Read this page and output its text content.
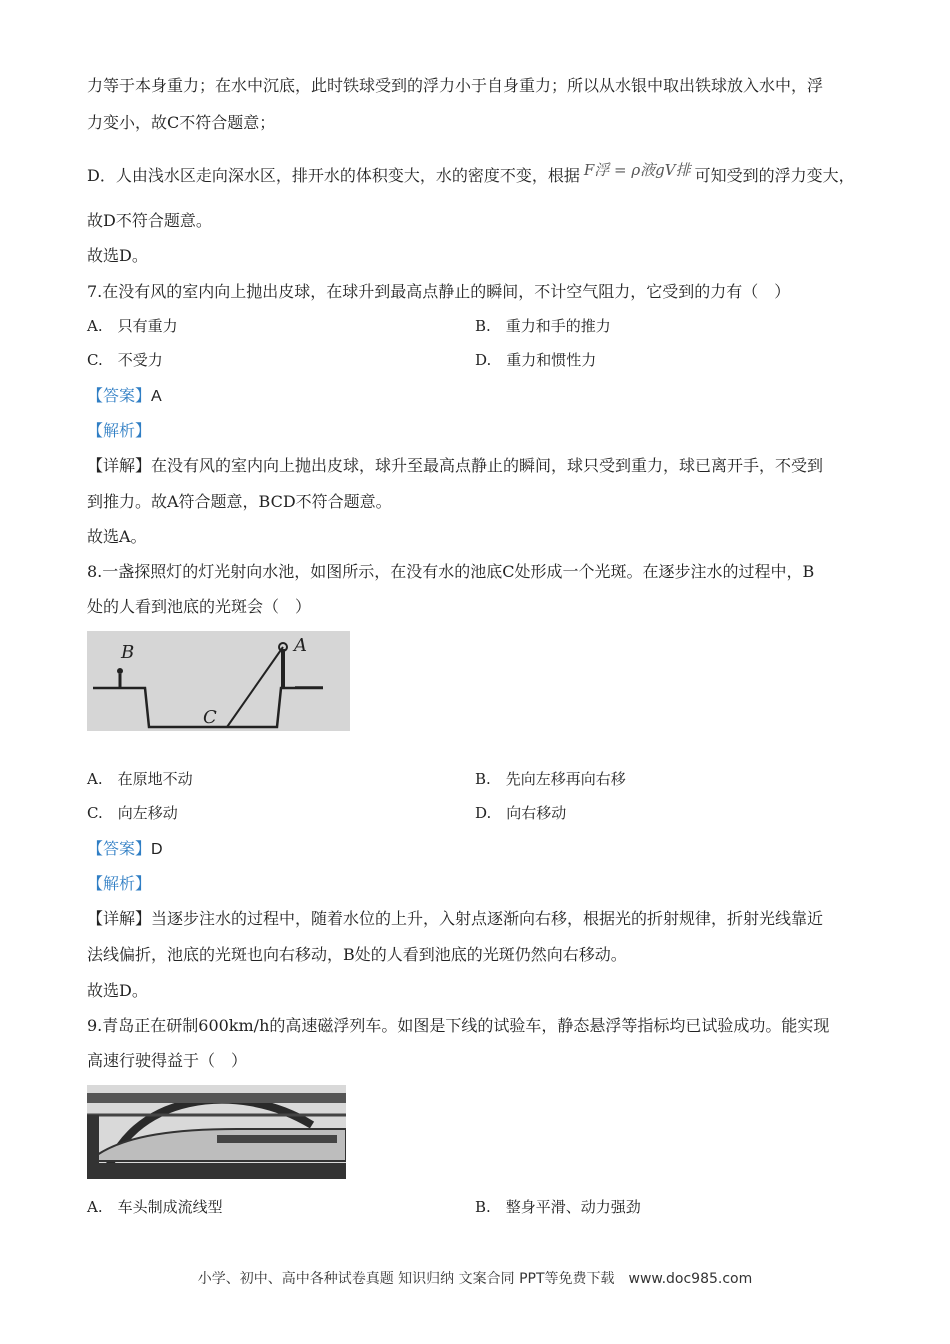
力等于本身重力；在水中沉底，此时铁球受到的浮力小于自身重力；所以从水银中取出铁球放入水中，浮
力变小，故C不符合题意；
D．人由浅水区走向深水区，排开水的体积变大，水的密度不变，根据 F浮 = ρ液gV排 可知受到的浮力变大，
故D不符合题意。
故选D。
7.在没有风的室内向上抛出皮球，在球升到最高点静止的瞬间，不计空气阻力，它受到的力有（　）
A.　只有重力	B.　重力和手的推力
C.　不受力	D.　重力和惯性力
【答案】A
【解析】
【详解】在没有风的室内向上抛出皮球，球升至最高点静止的瞬间，球只受到重力，球已离开手，不受到
到推力。故A符合题意，BCD不符合题意。
故选A。
8.一盏探照灯的灯光射向水池，如图所示，在没有水的池底C处形成一个光斑。在逐步注水的过程中，B
处的人看到池底的光斑会（　）
B	A
C
A.　在原地不动	B.　先向左移再向右移
C.　向左移动	D.　向右移动
【答案】D
【解析】
【详解】当逐步注水的过程中，随着水位的上升，入射点逐渐向右移，根据光的折射规律，折射光线靠近
法线偏折，池底的光斑也向右移动，B处的人看到池底的光斑仍然向右移动。
故选D。
9.青岛正在研制600km/h的高速磁浮列车。如图是下线的试验车，静态悬浮等指标均已试验成功。能实现
高速行驶得益于（　）
A.　车头制成流线型	B.　整身平滑、动力强劲
小学、初中、高中各种试卷真题 知识归纳 文案合同 PPT等免费下载　www.doc985.com
